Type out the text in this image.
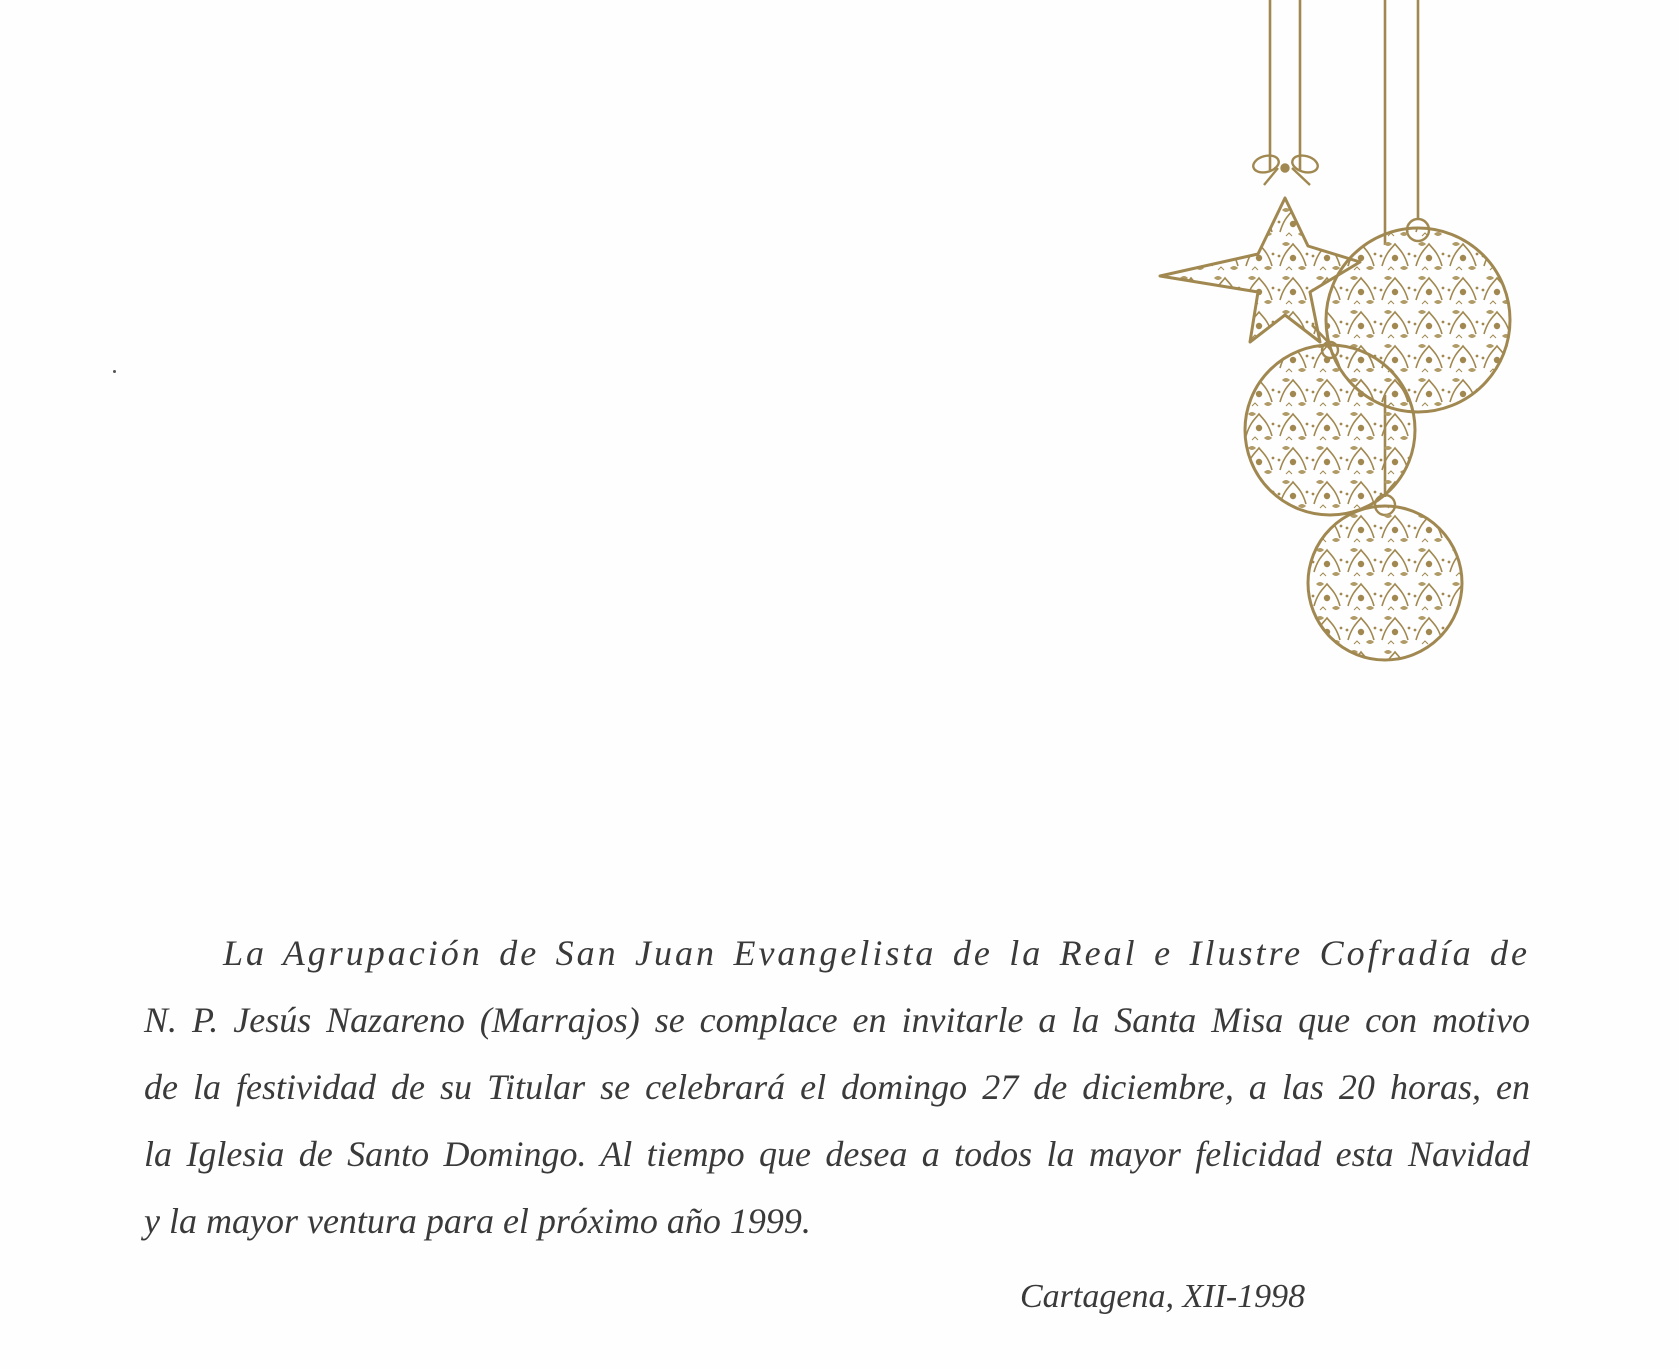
La Agrupación de San Juan Evangelista de la Real e Ilustre Cofradía de
N. P. Jesús Nazareno (Marrajos) se complace en invitarle a la Santa Misa que con motivo
de la festividad de su Titular se celebrará el domingo 27 de diciembre, a las 20 horas, en
la Iglesia de Santo Domingo. Al tiempo que desea a todos la mayor felicidad esta Navidad
y la mayor ventura para el próximo año 1999.

Cartagena, XII-1998
